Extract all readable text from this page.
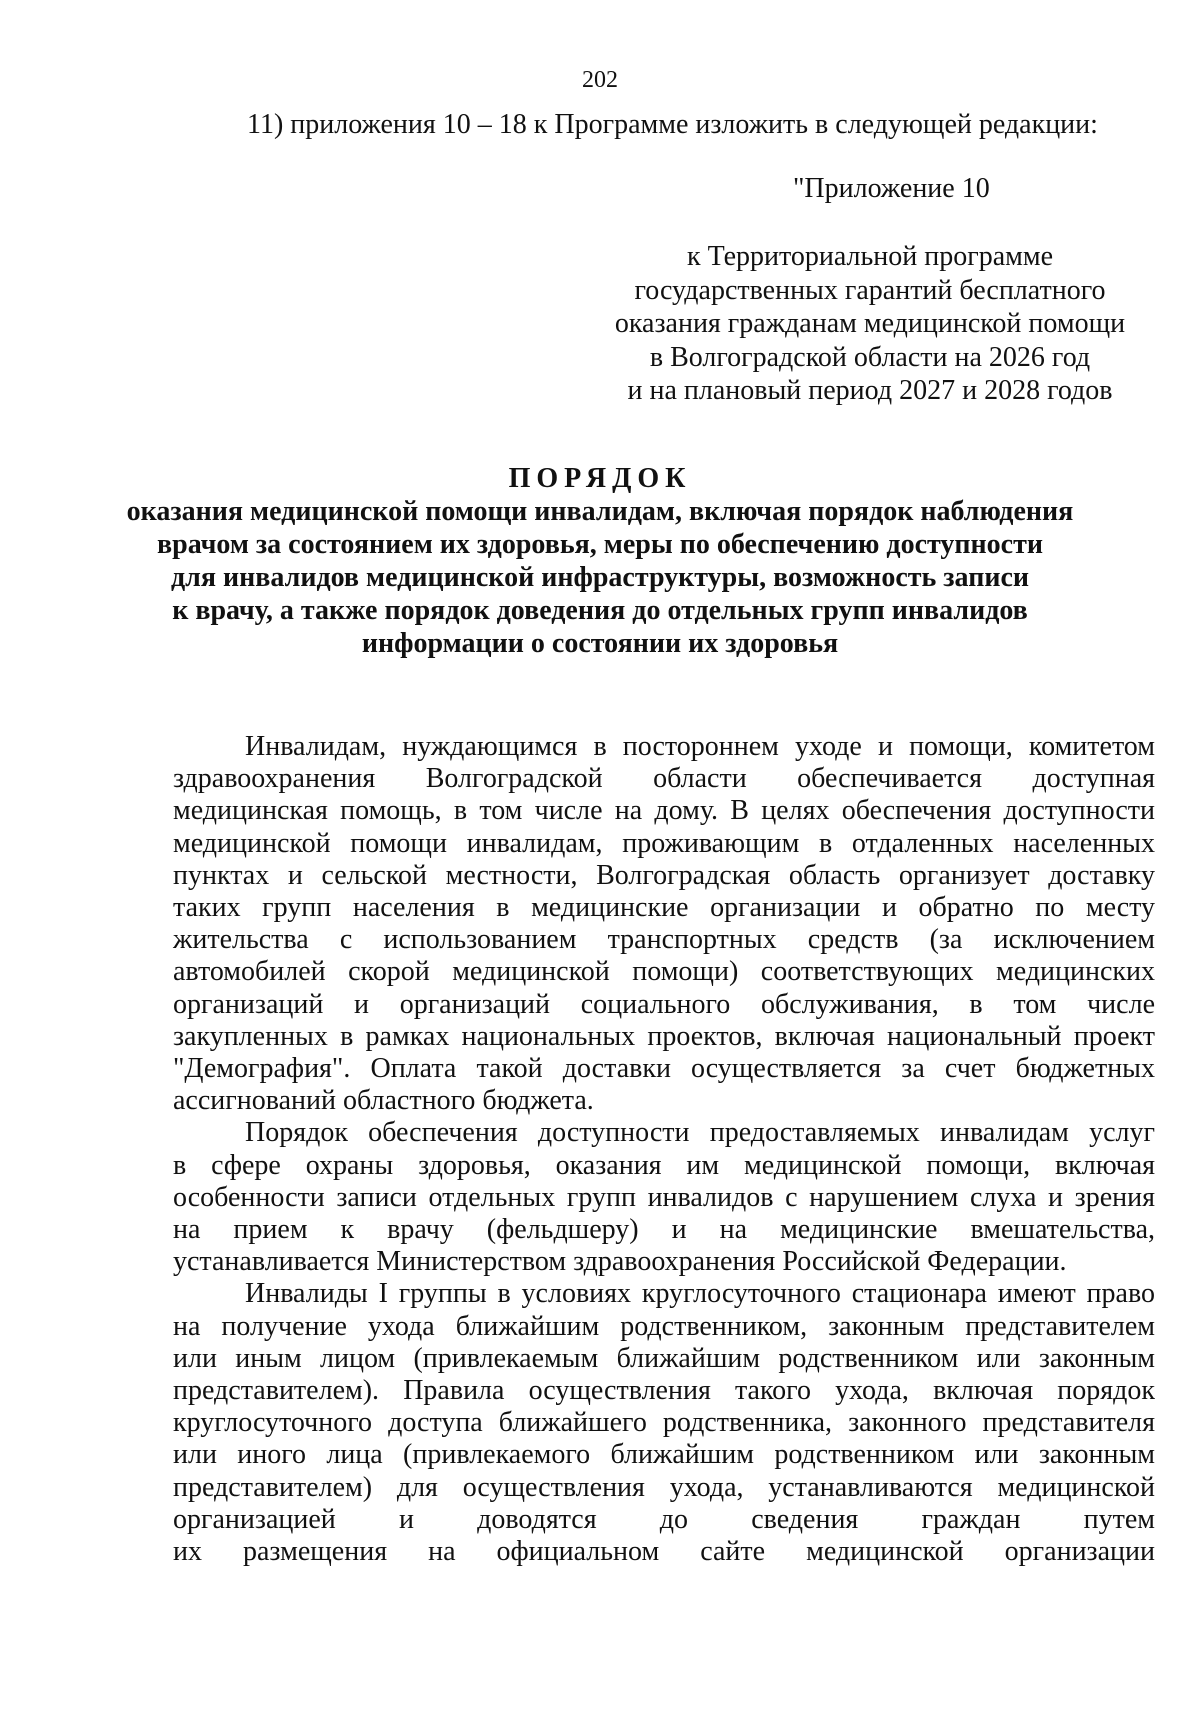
202
11) приложения 10 – 18 к Программе изложить в следующей редакции:
"Приложение 10
к Территориальной программе
государственных гарантий бесплатного
оказания гражданам медицинской помощи
в Волгоградской области на 2026 год
и на плановый период 2027 и 2028 годов
ПОРЯДОК
оказания медицинской помощи инвалидам, включая порядок наблюдения
врачом за состоянием их здоровья, меры по обеспечению доступности
для инвалидов медицинской инфраструктуры, возможность записи
к врачу, а также порядок доведения до отдельных групп инвалидов
информации о состоянии их здоровья
Инвалидам, нуждающимся в постороннем уходе и помощи, комитетом
здравоохранения Волгоградской области обеспечивается доступная
медицинская помощь, в том числе на дому. В целях обеспечения доступности
медицинской помощи инвалидам, проживающим в отдаленных населенных
пунктах и сельской местности, Волгоградская область организует доставку
таких групп населения в медицинские организации и обратно по месту
жительства с использованием транспортных средств (за исключением
автомобилей скорой медицинской помощи) соответствующих медицинских
организаций и организаций социального обслуживания, в том числе
закупленных в рамках национальных проектов, включая национальный проект
"Демография". Оплата такой доставки осуществляется за счет бюджетных
ассигнований областного бюджета.
Порядок обеспечения доступности предоставляемых инвалидам услуг
в сфере охраны здоровья, оказания им медицинской помощи, включая
особенности записи отдельных групп инвалидов с нарушением слуха и зрения
на прием к врачу (фельдшеру) и на медицинские вмешательства,
устанавливается Министерством здравоохранения Российской Федерации.
Инвалиды I группы в условиях круглосуточного стационара имеют право
на получение ухода ближайшим родственником, законным представителем
или иным лицом (привлекаемым ближайшим родственником или законным
представителем). Правила осуществления такого ухода, включая порядок
круглосуточного доступа ближайшего родственника, законного представителя
или иного лица (привлекаемого ближайшим родственником или законным
представителем) для осуществления ухода, устанавливаются медицинской
организацией и доводятся до сведения граждан путем
их размещения на официальном сайте медицинской организации
